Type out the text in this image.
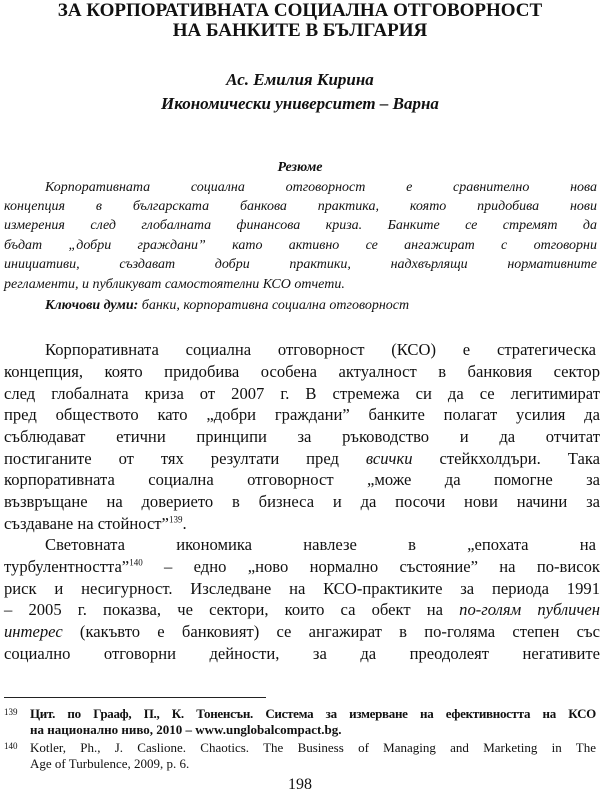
ЗА КОРПОРАТИВНАТА СОЦИАЛНА ОТГОВОРНОСТ
НА БАНКИТЕ В БЪЛГАРИЯ
Ас. Емилия Кирина
Икономически университет – Варна
Резюме
Корпоративната социална отговорност е сравнително нова
концепция в българската банкова практика, която придобива нови
измерения след глобалната финансова криза. Банките се стремят да
бъдат „добри граждани” като активно се ангажират с отговорни
инициативи, създават добри практики, надхвърлящи нормативните
регламенти, и публикуват самостоятелни КСО отчети.
Ключови думи: банки, корпоративна социална отговорност
Корпоративната социална отговорност (КСО) е стратегическа
концепция, която придобива особена актуалност в банковия сектор
след глобалната криза от 2007 г. В стремежа си да се легитимират
пред обществото като „добри граждани” банките полагат усилия да
съблюдават етични принципи за ръководство и да отчитат
постиганите от тях резултати пред всички стейкхолдъри. Така
корпоративната социална отговорност „може да помогне за
възвръщане на доверието в бизнеса и да посочи нови начини за
създаване на стойност”$^{139}$.
Световната икономика навлезе в „епохата на
турбулентността”$^{140}$ – едно „ново нормално състояние” на по-висок
риск и несигурност. Изследване на КСО-практиките за периода 1991
– 2005 г. показва, че сектори, които са обект на по-голям публичен
интерес (какъвто е банковият) се ангажират в по-голяма степен със
социално отговорни дейности, за да преодолеят негативите
139 Цит. по Грааф, П., К. Тоненсън. Система за измерване на ефективността на КСО
на национално ниво, 2010 – www.unglobalcompact.bg.
140 Kotler, Ph., J. Caslione. Chaotics. The Business of Managing and Marketing in The
Age of Turbulence, 2009, p. 6.
198
